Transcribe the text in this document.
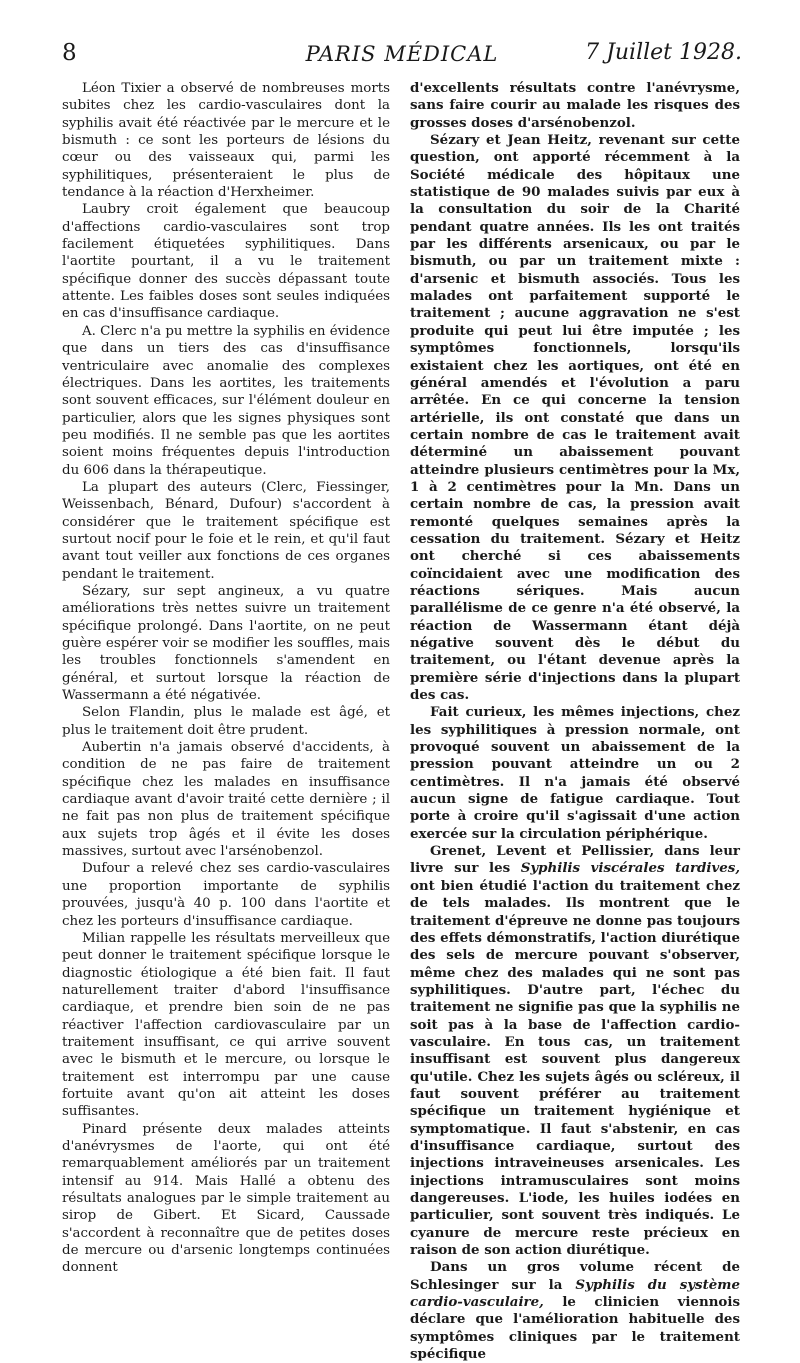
8	PARIS MÉDICAL	7 Juillet 1928.

Léon Tixier a observé de nombreuses morts subites chez les cardio-vasculaires dont la syphilis avait été réactivée par le mercure et le bismuth : ce sont les porteurs de lésions du cœur ou des vaisseaux qui, parmi les syphilitiques, présenteraient le plus de tendance à la réaction d'Herxheimer.

Laubry croit également que beaucoup d'affections cardio-vasculaires sont trop facilement étiquetées syphilitiques. Dans l'aortite pourtant, il a vu le traitement spécifique donner des succès dépassant toute attente. Les faibles doses sont seules indiquées en cas d'insuffisance cardiaque.

A. Clerc n'a pu mettre la syphilis en évidence que dans un tiers des cas d'insuffisance ventriculaire avec anomalie des complexes électriques. Dans les aortites, les traitements sont souvent efficaces, sur l'élément douleur en particulier, alors que les signes physiques sont peu modifiés. Il ne semble pas que les aortites soient moins fréquentes depuis l'introduction du 606 dans la thérapeutique.

La plupart des auteurs (Clerc, Fiessinger, Weissenbach, Bénard, Dufour) s'accordent à considérer que le traitement spécifique est surtout nocif pour le foie et le rein, et qu'il faut avant tout veiller aux fonctions de ces organes pendant le traitement.

Sézary, sur sept angineux, a vu quatre améliorations très nettes suivre un traitement spécifique prolongé. Dans l'aortite, on ne peut guère espérer voir se modifier les souffles, mais les troubles fonctionnels s'amendent en général, et surtout lorsque la réaction de Wassermann a été négativée.

Selon Flandin, plus le malade est âgé, et plus le traitement doit être prudent.

Aubertin n'a jamais observé d'accidents, à condition de ne pas faire de traitement spécifique chez les malades en insuffisance cardiaque avant d'avoir traité cette dernière ; il ne fait pas non plus de traitement spécifique aux sujets trop âgés et il évite les doses massives, surtout avec l'arsénobenzol.

Dufour a relevé chez ses cardio-vasculaires une proportion importante de syphilis prouvées, jusqu'à 40 p. 100 dans l'aortite et chez les porteurs d'insuffisance cardiaque.

Milian rappelle les résultats merveilleux que peut donner le traitement spécifique lorsque le diagnostic étiologique a été bien fait. Il faut naturellement traiter d'abord l'insuffisance cardiaque, et prendre bien soin de ne pas réactiver l'affection cardiovasculaire par un traitement insuffisant, ce qui arrive souvent avec le bismuth et le mercure, ou lorsque le traitement est interrompu par une cause fortuite avant qu'on ait atteint les doses suffisantes.

Pinard présente deux malades atteints d'anévrysmes de l'aorte, qui ont été remarquablement améliorés par un traitement intensif au 914. Mais Hallé a obtenu des résultats analogues par le simple traitement au sirop de Gibert. Et Sicard, Caussade s'accordent à reconnaître que de petites doses de mercure ou d'arsenic longtemps continuées donnent

d'excellents résultats contre l'anévrysme, sans faire courir au malade les risques des grosses doses d'arsénobenzol.

Sézary et Jean Heitz, revenant sur cette question, ont apporté récemment à la Société médicale des hôpitaux une statistique de 90 malades suivis par eux à la consultation du soir de la Charité pendant quatre années. Ils les ont traités par les différents arsenicaux, ou par le bismuth, ou par un traitement mixte : d'arsenic et bismuth associés. Tous les malades ont parfaitement supporté le traitement ; aucune aggravation ne s'est produite qui peut lui être imputée ; les symptômes fonctionnels, lorsqu'ils existaient chez les aortiques, ont été en général amendés et l'évolution a paru arrêtée. En ce qui concerne la tension artérielle, ils ont constaté que dans un certain nombre de cas le traitement avait déterminé un abaissement pouvant atteindre plusieurs centimètres pour la Mx, 1 à 2 centimètres pour la Mn. Dans un certain nombre de cas, la pression avait remonté quelques semaines après la cessation du traitement. Sézary et Heitz ont cherché si ces abaissements coïncidaient avec une modification des réactions sériques. Mais aucun parallélisme de ce genre n'a été observé, la réaction de Wassermann étant déjà négative souvent dès le début du traitement, ou l'étant devenue après la première série d'injections dans la plupart des cas.

Fait curieux, les mêmes injections, chez les syphilitiques à pression normale, ont provoqué souvent un abaissement de la pression pouvant atteindre un ou 2 centimètres. Il n'a jamais été observé aucun signe de fatigue cardiaque. Tout porte à croire qu'il s'agissait d'une action exercée sur la circulation périphérique.

Grenet, Levent et Pellissier, dans leur livre sur les Syphilis viscérales tardives, ont bien étudié l'action du traitement chez de tels malades. Ils montrent que le traitement d'épreuve ne donne pas toujours des effets démonstratifs, l'action diurétique des sels de mercure pouvant s'observer, même chez des malades qui ne sont pas syphilitiques. D'autre part, l'échec du traitement ne signifie pas que la syphilis ne soit pas à la base de l'affection cardio-vasculaire. En tous cas, un traitement insuffisant est souvent plus dangereux qu'utile. Chez les sujets âgés ou scléreux, il faut souvent préférer au traitement spécifique un traitement hygiénique et symptomatique. Il faut s'abstenir, en cas d'insuffisance cardiaque, surtout des injections intraveineuses arsenicales. Les injections intramusculaires sont moins dangereuses. L'iode, les huiles iodées en particulier, sont souvent très indiqués. Le cyanure de mercure reste précieux en raison de son action diurétique.

Dans un gros volume récent de Schlesinger sur la Syphilis du système cardio-vasculaire, le clinicien viennois déclare que l'amélioration habituelle des symptômes cliniques par le traitement spécifique
